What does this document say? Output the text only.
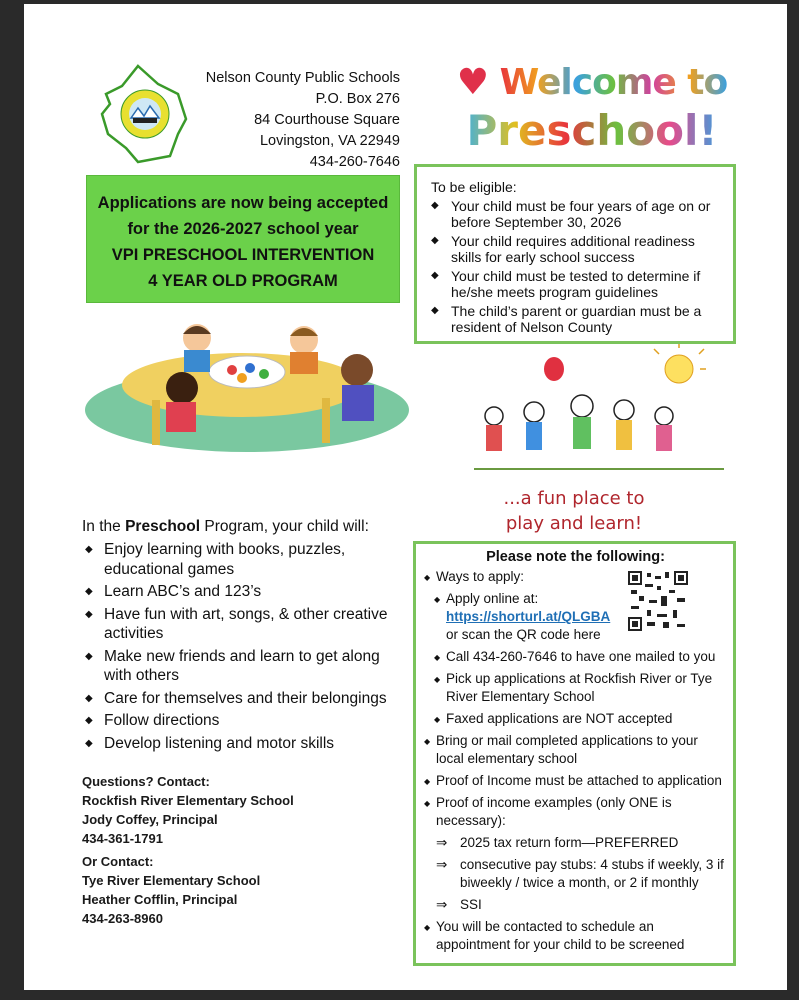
Nelson County Public Schools
P.O. Box 276
84 Courthouse Square
Lovingston, VA 22949
434-260-7646
♥ Welcome to
Preschool!
Applications are now being accepted
for the 2026-2027 school year
VPI PRESCHOOL INTERVENTION
4 YEAR OLD PROGRAM
To be eligible:
◆ Your child must be four years of age on or before September 30, 2026
◆ Your child requires additional readiness skills for early school success
◆ Your child must be tested to determine if he/she meets program guidelines
◆ The child’s parent or guardian must be a resident of Nelson County
...a fun place to
play and learn!
In the Preschool Program, your child will:
◆ Enjoy learning with books, puzzles, educational games
◆ Learn ABC’s and 123’s
◆ Have fun with art, songs, & other creative activities
◆ Make new friends and learn to get along with others
◆ Care for themselves and their belongings
◆ Follow directions
◆ Develop listening and motor skills
Questions? Contact:
Rockfish River Elementary School
Jody Coffey, Principal
434-361-1791
Or Contact:
Tye River Elementary School
Heather Cofflin, Principal
434-263-8960
Please note the following:
◆ Ways to apply:
◆ Apply online at:
https://shorturl.at/QLGBA
or scan the QR code here
◆ Call 434-260-7646 to have one mailed to you
◆ Pick up applications at Rockfish River or Tye River Elementary School
◆ Faxed applications are NOT accepted
◆ Bring or mail completed applications to your local elementary school
◆ Proof of Income must be attached to application
◆ Proof of income examples (only ONE is necessary):
⇒ 2025 tax return form—PREFERRED
⇒ consecutive pay stubs: 4 stubs if weekly, 3 if biweekly / twice a month, or 2 if monthly
⇒ SSI
◆ You will be contacted to schedule an appointment for your child to be screened
